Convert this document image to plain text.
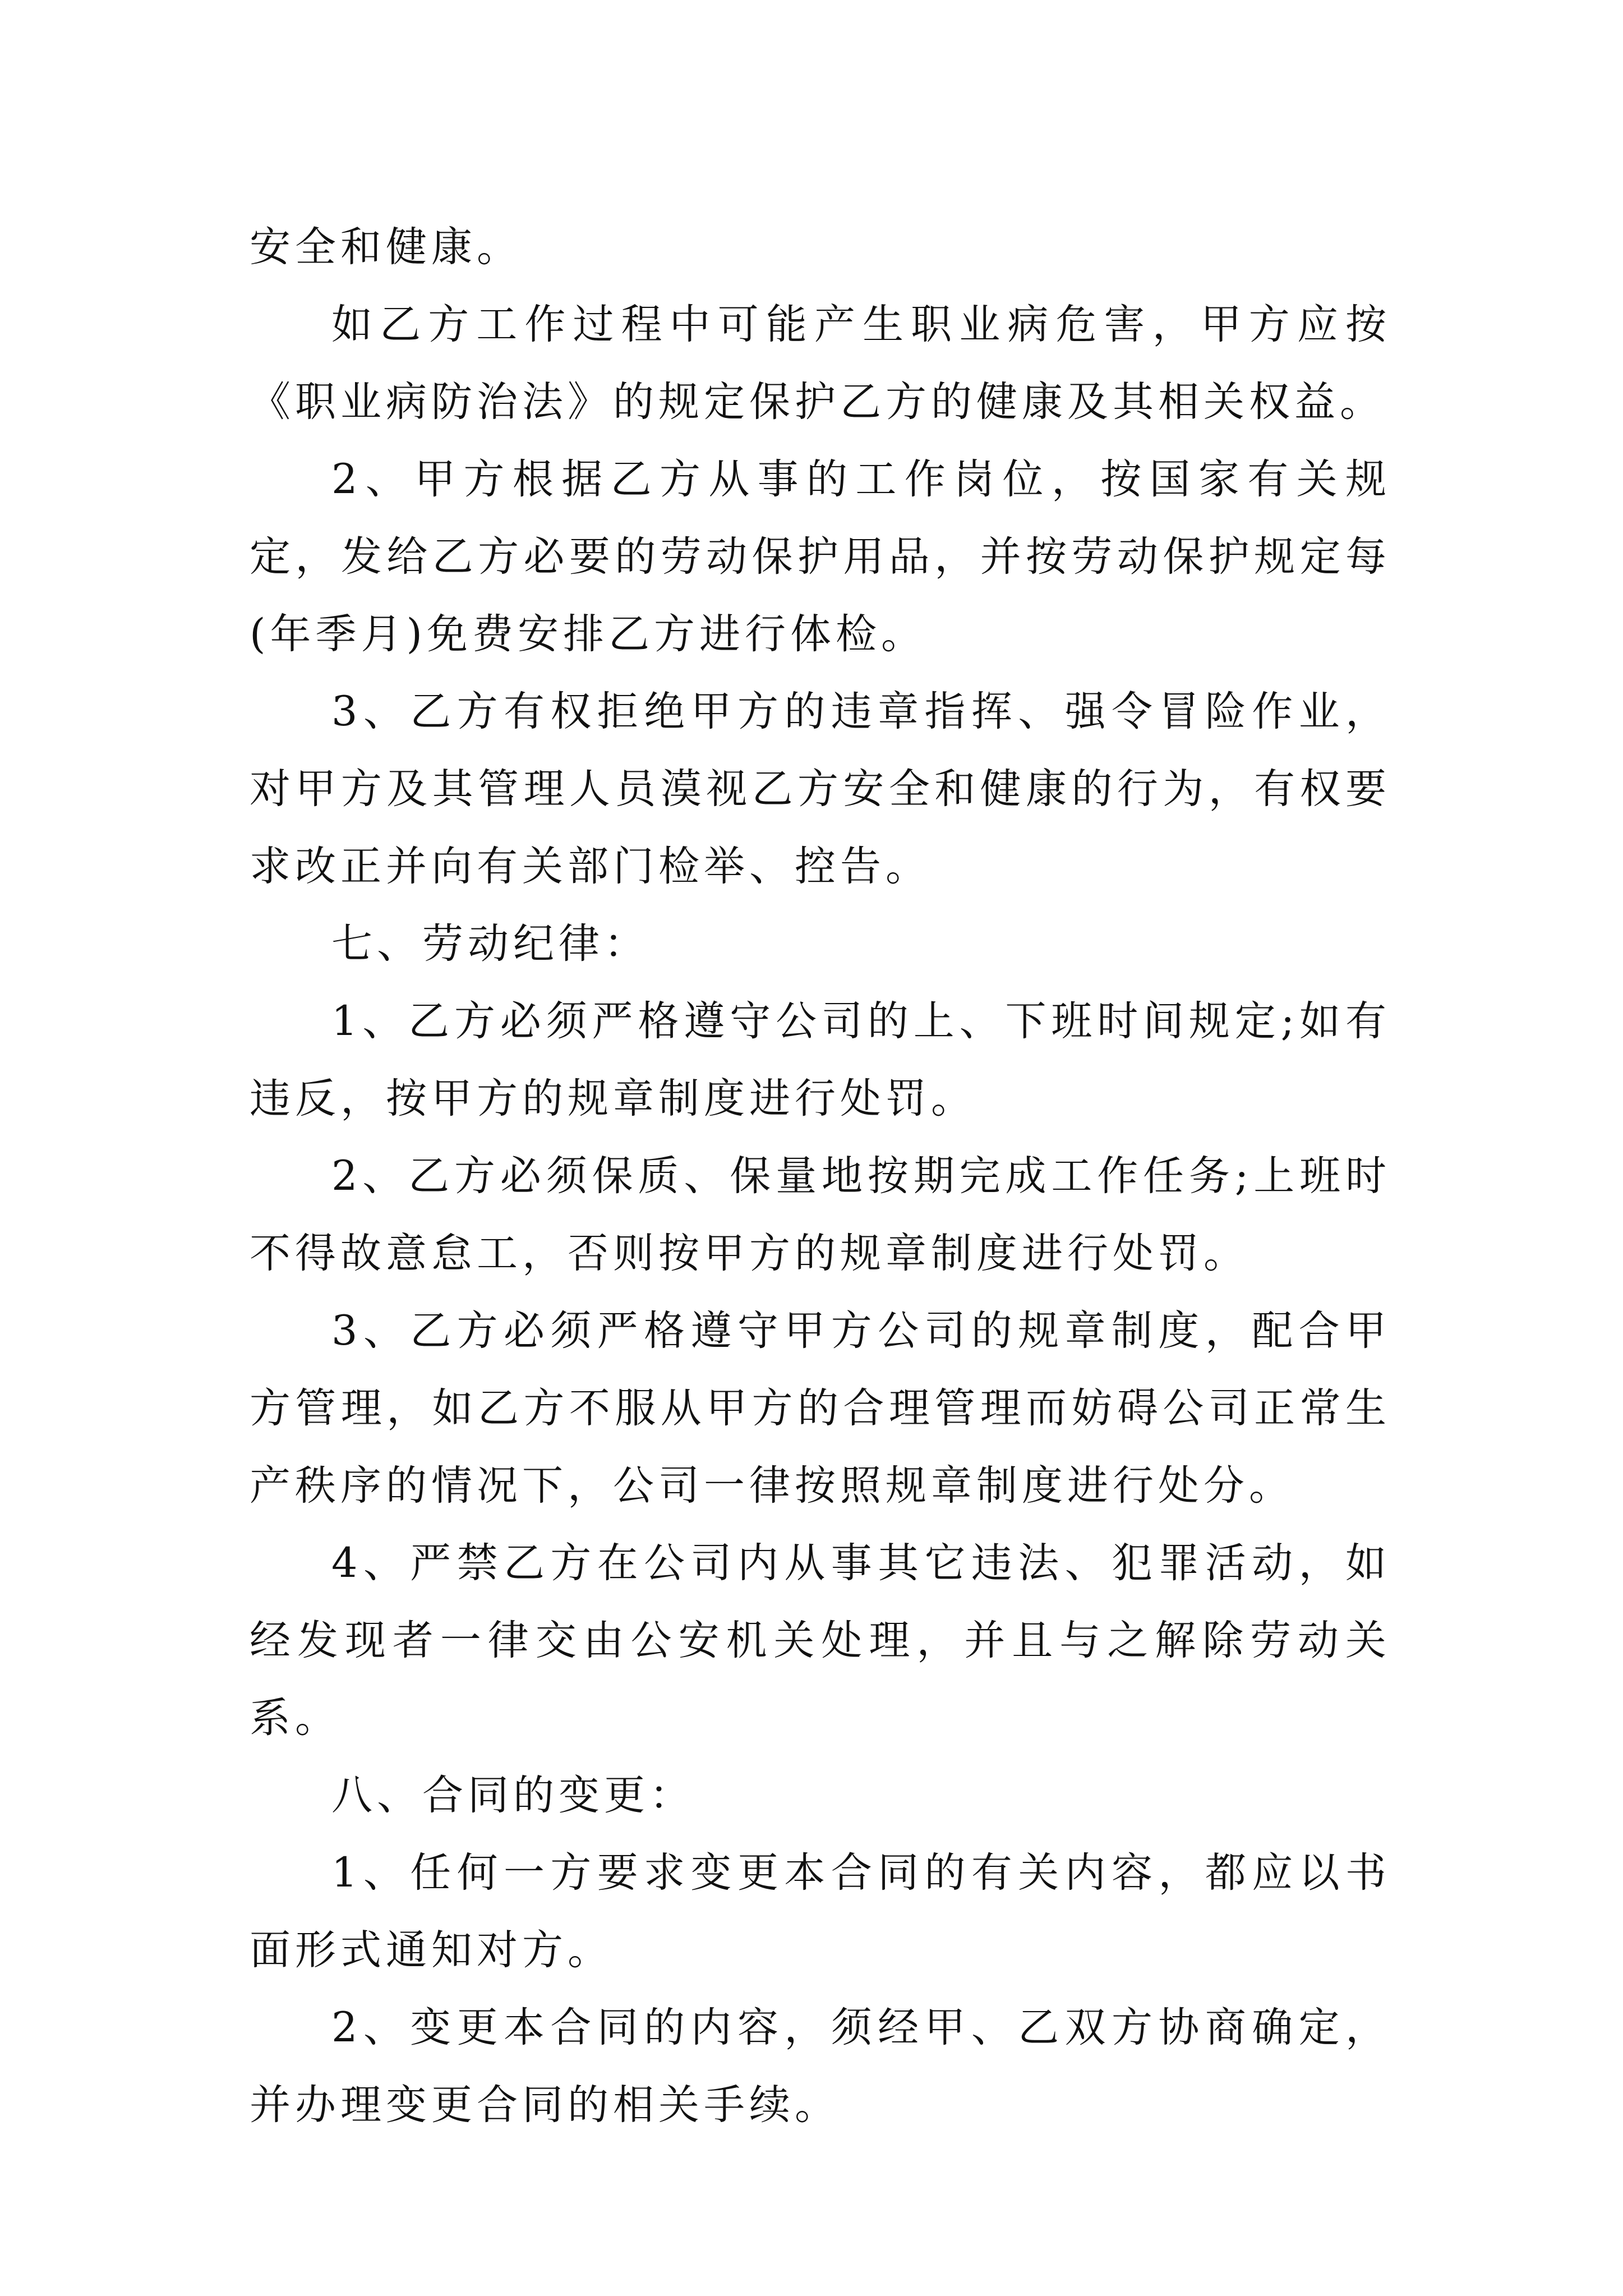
安全和健康。

如乙方工作过程中可能产生职业病危害，甲方应按《职业病防治法》的规定保护乙方的健康及其相关权益。

2、甲方根据乙方从事的工作岗位，按国家有关规定，发给乙方必要的劳动保护用品，并按劳动保护规定每(年季月)免费安排乙方进行体检。

3、乙方有权拒绝甲方的违章指挥、强令冒险作业，对甲方及其管理人员漠视乙方安全和健康的行为，有权要求改正并向有关部门检举、控告。

七、劳动纪律：

1、乙方必须严格遵守公司的上、下班时间规定;如有违反，按甲方的规章制度进行处罚。

2、乙方必须保质、保量地按期完成工作任务;上班时不得故意怠工，否则按甲方的规章制度进行处罚。

3、乙方必须严格遵守甲方公司的规章制度，配合甲方管理，如乙方不服从甲方的合理管理而妨碍公司正常生产秩序的情况下，公司一律按照规章制度进行处分。

4、严禁乙方在公司内从事其它违法、犯罪活动，如经发现者一律交由公安机关处理，并且与之解除劳动关系。

八、合同的变更：

1、任何一方要求变更本合同的有关内容，都应以书面形式通知对方。

2、变更本合同的内容，须经甲、乙双方协商确定，并办理变更合同的相关手续。
